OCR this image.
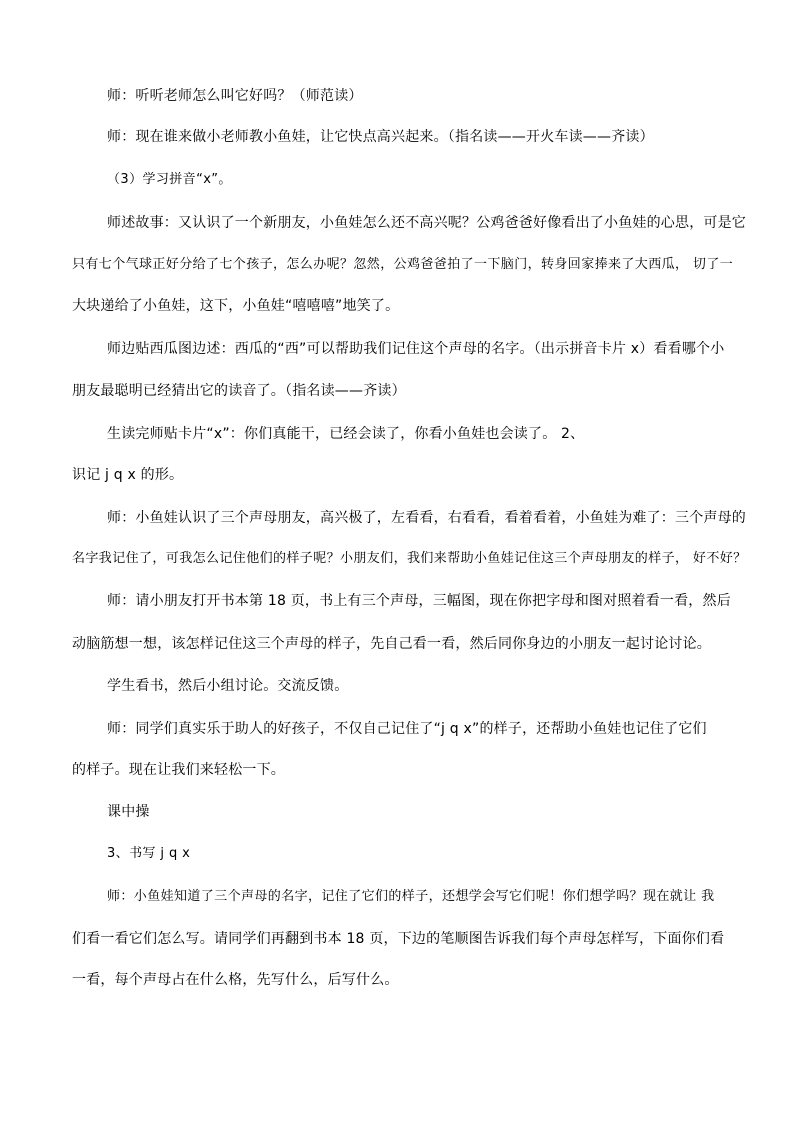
师：听听老师怎么叫它好吗？（师范读）
师：现在谁来做小老师教小鱼娃，让它快点高兴起来。（指名读——开火车读——齐读）
（3）学习拼音“x”。
师述故事：又认识了一个新朋友，小鱼娃怎么还不高兴呢？公鸡爸爸好像看出了小鱼娃的心思，可是它
只有七个气球正好分给了七个孩子，怎么办呢？忽然，公鸡爸爸拍了一下脑门，转身回家捧来了大西瓜， 切了一
大块递给了小鱼娃，这下，小鱼娃“嘻嘻嘻”地笑了。
师边贴西瓜图边述：西瓜的“西”可以帮助我们记住这个声母的名字。（出示拼音卡片 x）看看哪个小
朋友最聪明已经猜出它的读音了。（指名读——齐读）
生读完师贴卡片“x”：你们真能干，已经会读了，你看小鱼娃也会读了。 2、
识记 j q x 的形。
师：小鱼娃认识了三个声母朋友，高兴极了，左看看，右看看，看着看着，小鱼娃为难了：三个声母的
名字我记住了，可我怎么记住他们的样子呢？小朋友们，我们来帮助小鱼娃记住这三个声母朋友的样子， 好不好？
师：请小朋友打开书本第 18 页，书上有三个声母，三幅图，现在你把字母和图对照着看一看，然后
动脑筋想一想，该怎样记住这三个声母的样子，先自己看一看，然后同你身边的小朋友一起讨论讨论。
学生看书，然后小组讨论。交流反馈。
师：同学们真实乐于助人的好孩子，不仅自己记住了“j q x”的样子，还帮助小鱼娃也记住了它们
的样子。现在让我们来轻松一下。
课中操
3、书写 j q x
师：小鱼娃知道了三个声母的名字，记住了它们的样子，还想学会写它们呢！你们想学吗？现在就让 我
们看一看它们怎么写。请同学们再翻到书本 18 页，下边的笔顺图告诉我们每个声母怎样写，下面你们看
一看，每个声母占在什么格，先写什么，后写什么。
